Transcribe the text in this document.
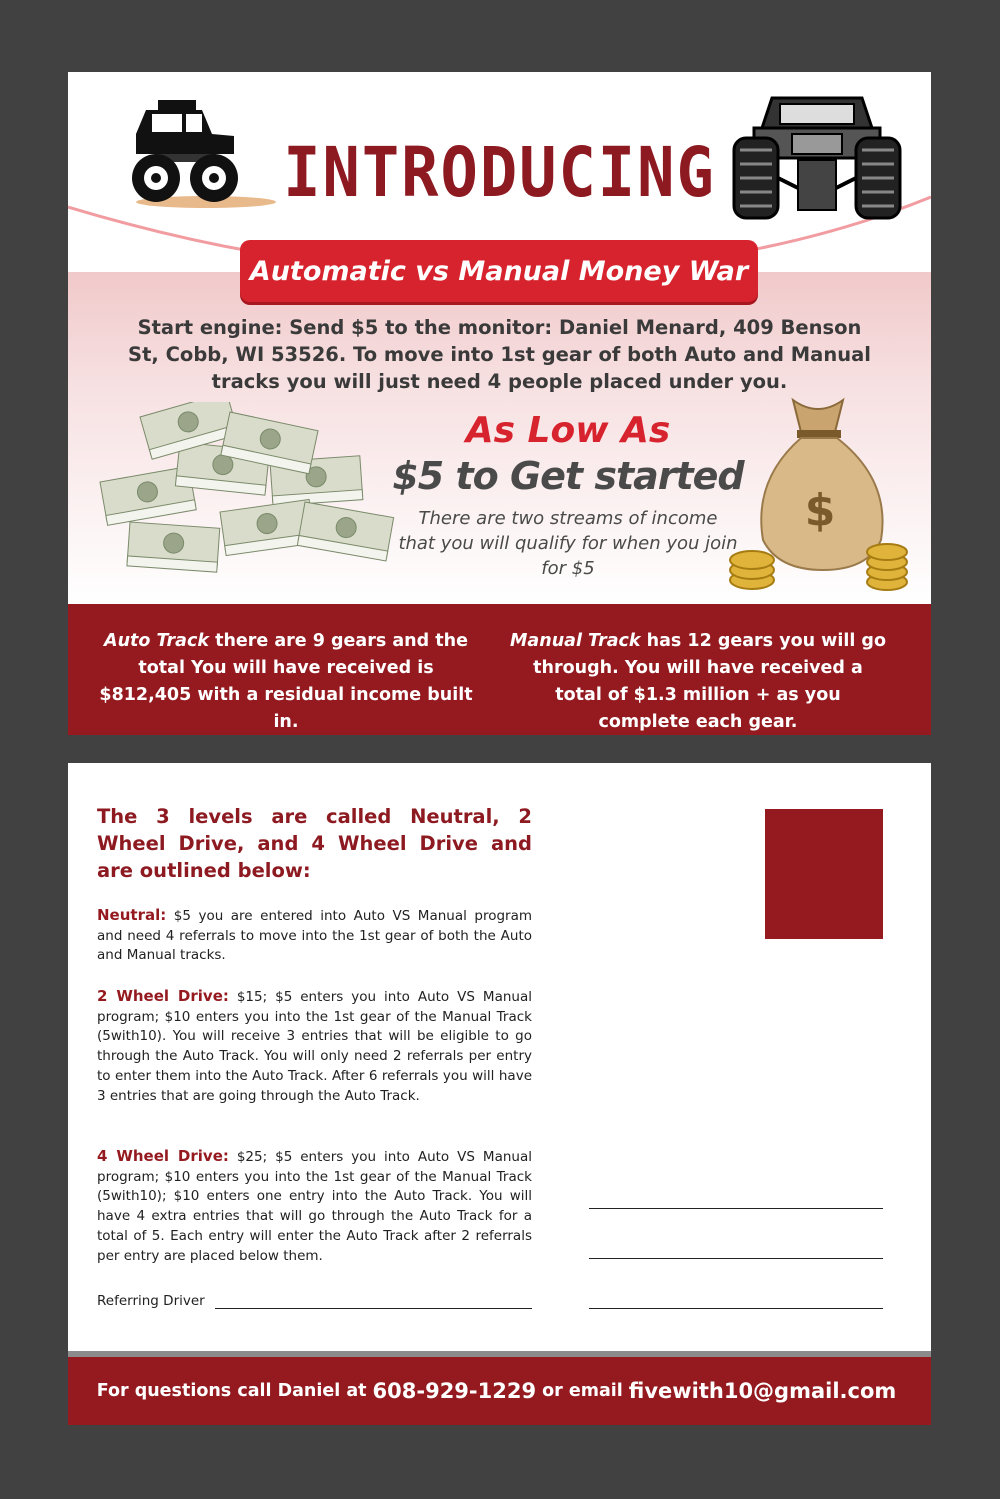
INTRODUCING
Automatic vs Manual Money War
Start engine: Send $5 to the monitor: Daniel Menard, 409 Benson St, Cobb, WI 53526. To move into 1st gear of both Auto and Manual tracks you will just need 4 people placed under you.
As Low As
$5 to Get started
There are two streams of income that you will qualify for when you join for $5
$
Auto Track there are 9 gears and the total You will have received is $812,405 with a residual income built in.
Manual Track has 12 gears you will go through. You will have received a total of $1.3 million + as you complete each gear.
The 3 levels are called Neutral, 2 Wheel Drive, and 4 Wheel Drive and are outlined below:
Neutral: $5 you are entered into Auto VS Manual program and need 4 referrals to move into the 1st gear of both the Auto and Manual tracks.
2 Wheel Drive: $15; $5 enters you into Auto VS Manual program; $10 enters you into the 1st gear of the Manual Track (5with10). You will receive 3 entries that will be eligible to go through the Auto Track. You will only need 2 referrals per entry to enter them into the Auto Track. After 6 referrals you will have 3 entries that are going through the Auto Track.
4 Wheel Drive: $25; $5 enters you into Auto VS Manual program; $10 enters you into the 1st gear of the Manual Track (5with10); $10 enters one entry into the Auto Track. You will have 4 extra entries that will go through the Auto Track for a total of 5. Each entry will enter the Auto Track after 2 referrals per entry are placed below them.
Referring Driver
For questions call Daniel at 608-929-1229 or email fivewith10@gmail.com
